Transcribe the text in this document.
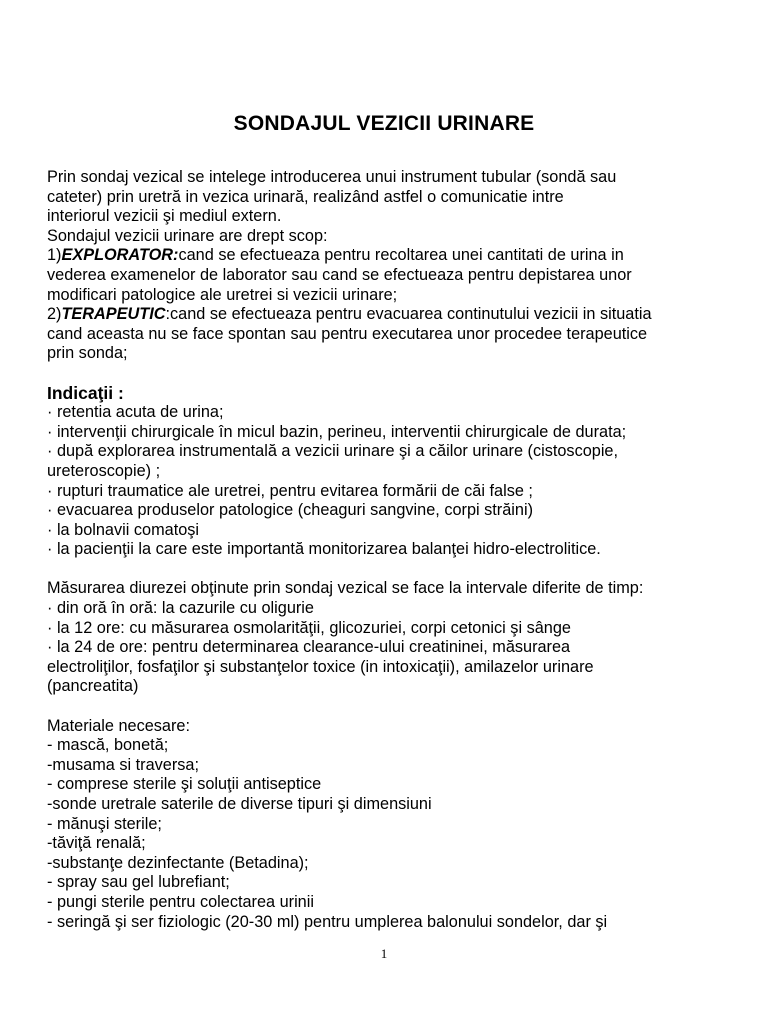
SONDAJUL VEZICII URINARE

Prin sondaj vezical se intelege introducerea unui instrument tubular (sondă sau

cateter) prin uretră in vezica urinară, realizând astfel o comunicatie intre

interiorul vezicii şi mediul extern.

Sondajul vezicii urinare are drept scop:

1)EXPLORATOR:cand se efectueaza pentru recoltarea unei cantitati de urina in

vederea examenelor de laborator sau cand se efectueaza pentru depistarea unor

modificari patologice ale uretrei si vezicii urinare;

2)TERAPEUTIC:cand se efectueaza pentru evacuarea continutului vezicii in situatia

cand aceasta nu se face spontan sau pentru executarea unor procedee terapeutice

prin sonda;

Indicaţii :

· retentia acuta de urina;

· intervenţii chirurgicale în micul bazin, perineu, interventii chirurgicale de durata;

· după explorarea instrumentală a vezicii urinare şi a căilor urinare (cistoscopie,

ureteroscopie) ;

· rupturi traumatice ale uretrei, pentru evitarea formării de căi false ;

· evacuarea produselor patologice (cheaguri sangvine, corpi străini)

· la bolnavii comatoşi

· la pacienţii la care este importantă monitorizarea balanţei hidro-electrolitice.

Măsurarea diurezei obţinute prin sondaj vezical se face la intervale diferite de timp:

· din oră în oră: la cazurile cu oligurie

· la 12 ore: cu măsurarea osmolarităţii, glicozuriei, corpi cetonici şi sânge

· la 24 de ore: pentru determinarea clearance-ului creatininei, măsurarea

electroliţilor, fosfaţilor şi substanţelor toxice (in intoxicaţii), amilazelor urinare

(pancreatita)

Materiale necesare:

- mască, bonetă;

-musama si traversa;

- comprese sterile şi soluţii antiseptice

-sonde uretrale saterile de diverse tipuri şi dimensiuni

- mănuşi sterile;

-tăviţă renală;

-substanţe dezinfectante (Betadina);

- spray sau gel lubrefiant;

- pungi sterile pentru colectarea urinii

- seringă şi ser fiziologic (20-30 ml) pentru umplerea balonului sondelor, dar şi

1
